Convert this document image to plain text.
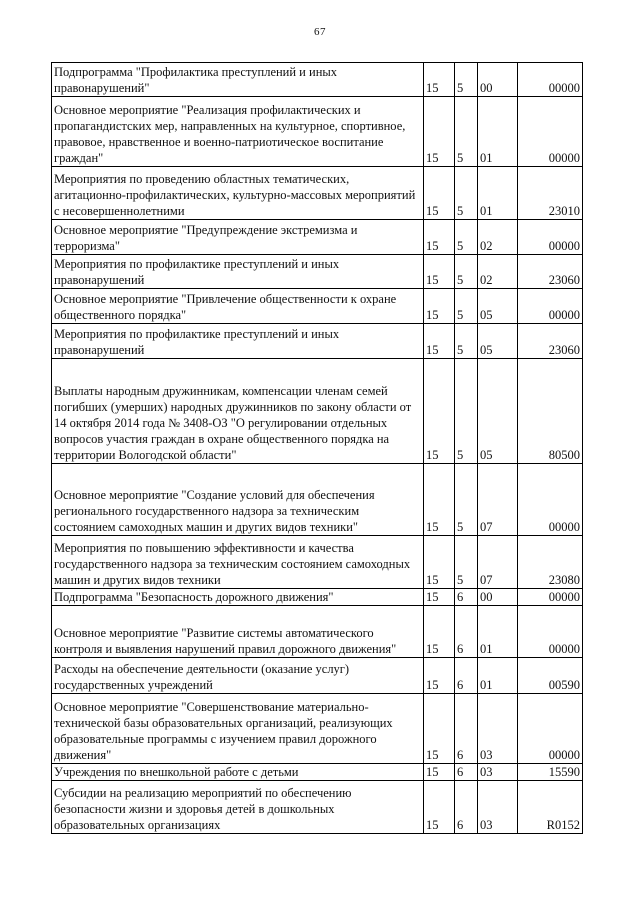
67
Подпрограмма "Профилактика преступлений и иных правонарушений"	15	5	00	00000
Основное мероприятие "Реализация профилактических и пропагандистских мер, направленных на культурное, спортивное, правовое, нравственное и военно-патриотическое воспитание граждан"	15	5	01	00000
Мероприятия по проведению областных тематических, агитационно-профилактических, культурно-массовых мероприятий с несовершеннолетними	15	5	01	23010
Основное мероприятие "Предупреждение экстремизма и терроризма"	15	5	02	00000
Мероприятия по профилактике преступлений и иных правонарушений	15	5	02	23060
Основное мероприятие "Привлечение общественности к охране общественного порядка"	15	5	05	00000
Мероприятия по профилактике преступлений и иных правонарушений	15	5	05	23060
Выплаты народным дружинникам, компенсации членам семей погибших (умерших) народных дружинников по закону области от 14 октября 2014 года № 3408-ОЗ "О регулировании отдельных вопросов участия граждан в охране общественного порядка на территории Вологодской области"	15	5	05	80500
Основное мероприятие "Создание условий для обеспечения регионального государственного надзора за техническим состоянием самоходных машин и других видов техники"	15	5	07	00000
Мероприятия по повышению эффективности и качества государственного надзора за техническим состоянием самоходных машин и других видов техники	15	5	07	23080
Подпрограмма "Безопасность дорожного движения"	15	6	00	00000
Основное мероприятие "Развитие системы автоматического контроля и выявления нарушений правил дорожного движения"	15	6	01	00000
Расходы на обеспечение деятельности (оказание услуг) государственных учреждений	15	6	01	00590
Основное мероприятие "Совершенствование материально-технической базы образовательных организаций, реализующих образовательные программы с изучением правил дорожного движения"	15	6	03	00000
Учреждения по внешкольной работе с детьми	15	6	03	15590
Субсидии на реализацию мероприятий по обеспечению безопасности жизни и здоровья детей в дошкольных образовательных организациях	15	6	03	R0152
